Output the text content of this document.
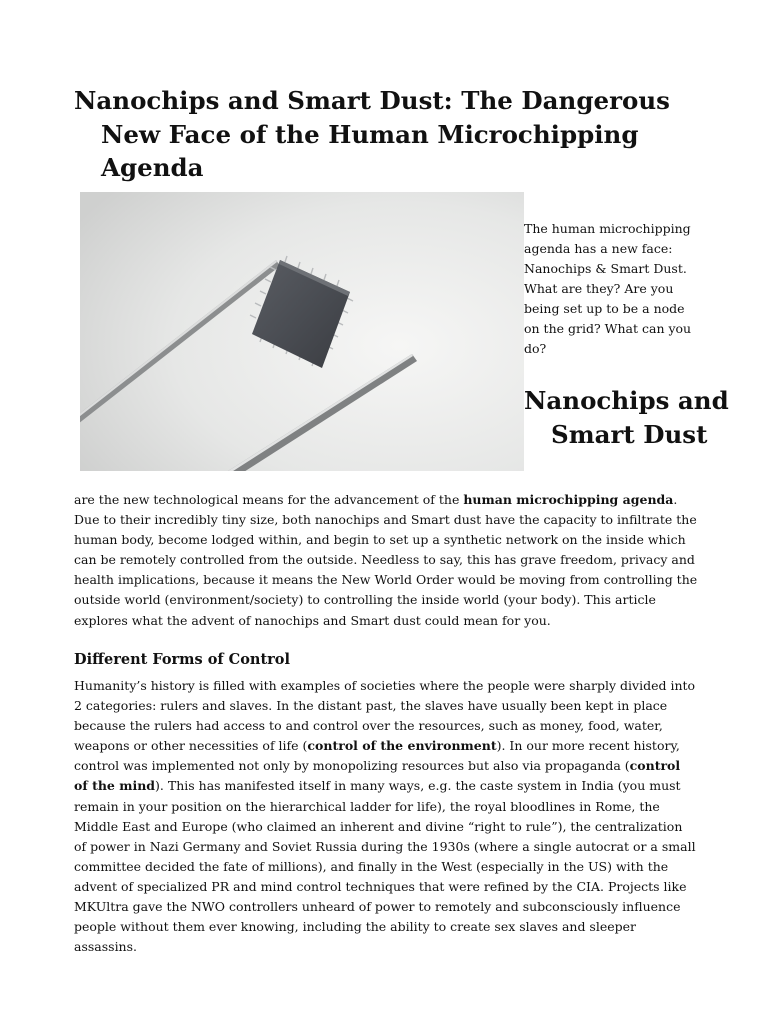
Nanochips and Smart Dust: The Dangerous New Face of the Human Microchipping Agenda

The human microchipping agenda has a new face: Nanochips & Smart Dust. What are they? Are you being set up to be a node on the grid? What can you do?

Nanochips and Smart Dust

are the new technological means for the advancement of the human microchipping agenda. Due to their incredibly tiny size, both nanochips and Smart dust have the capacity to infiltrate the human body, become lodged within, and begin to set up a synthetic network on the inside which can be remotely controlled from the outside. Needless to say, this has grave freedom, privacy and health implications, because it means the New World Order would be moving from controlling the outside world (environment/society) to controlling the inside world (your body). This article explores what the advent of nanochips and Smart dust could mean for you.

Different Forms of Control

Humanity’s history is filled with examples of societies where the people were sharply divided into 2 categories: rulers and slaves. In the distant past, the slaves have usually been kept in place because the rulers had access to and control over the resources, such as money, food, water, weapons or other necessities of life (control of the environment). In our more recent history, control was implemented not only by monopolizing resources but also via propaganda (control of the mind). This has manifested itself in many ways, e.g. the caste system in India (you must remain in your position on the hierarchical ladder for life), the royal bloodlines in Rome, the Middle East and Europe (who claimed an inherent and divine “right to rule”), the centralization of power in Nazi Germany and Soviet Russia during the 1930s (where a single autocrat or a small committee decided the fate of millions), and finally in the West (especially in the US) with the advent of specialized PR and mind control techniques that were refined by the CIA. Projects like MKUltra gave the NWO controllers unheard of power to remotely and subconsciously influence people without them ever knowing, including the ability to create sex slaves and sleeper assassins.
